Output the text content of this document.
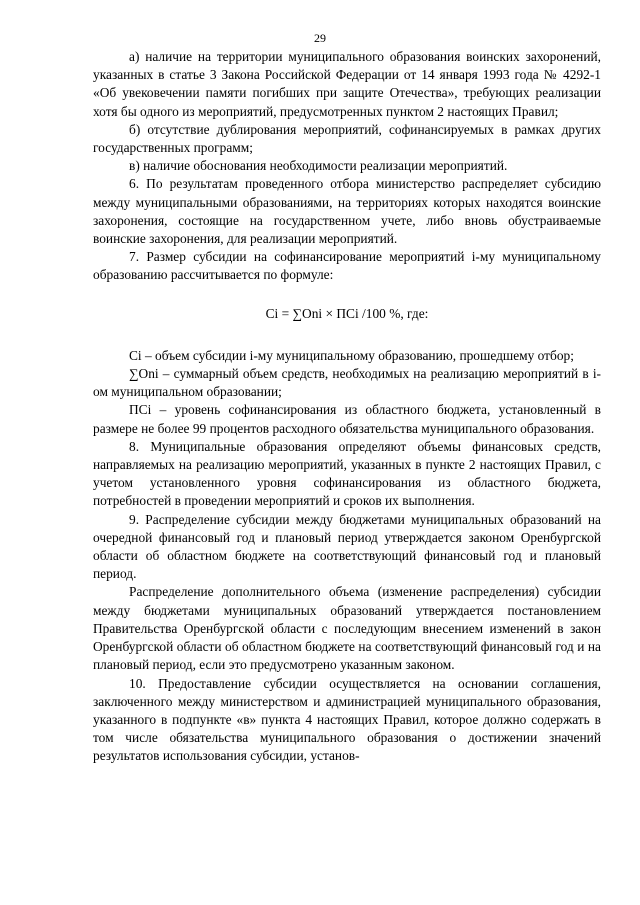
29

а) наличие на территории муниципального образования воинских захоронений, указанных в статье 3 Закона Российской Федерации от 14 января 1993 года № 4292-1 «Об увековечении памяти погибших при защите Отечества», требующих реализации хотя бы одного из мероприятий, предусмотренных пунктом 2 настоящих Правил;

б) отсутствие дублирования мероприятий, софинансируемых в рамках других государственных программ;

в) наличие обоснования необходимости реализации мероприятий.

6. По результатам проведенного отбора министерство распределяет субсидию между муниципальными образованиями, на территориях которых находятся воинские захоронения, состоящие на государственном учете, либо вновь обустраиваемые воинские захоронения, для реализации мероприятий.

7. Размер субсидии на софинансирование мероприятий i-му муниципальному образованию рассчитывается по формуле:

Ci = ∑Oni × ПCi /100 %, где:

Ci – объем субсидии i-му муниципальному образованию, прошедшему отбор;

∑Oni – суммарный объем средств, необходимых на реализацию мероприятий в i-ом муниципальном образовании;

ПCi – уровень софинансирования из областного бюджета, установленный в размере не более 99 процентов расходного обязательства муниципального образования.

8. Муниципальные образования определяют объемы финансовых средств, направляемых на реализацию мероприятий, указанных в пункте 2 настоящих Правил, с учетом установленного уровня софинансирования из областного бюджета, потребностей в проведении мероприятий и сроков их выполнения.

9. Распределение субсидии между бюджетами муниципальных образований на очередной финансовый год и плановый период утверждается законом Оренбургской области об областном бюджете на соответствующий финансовый год и плановый период.

Распределение дополнительного объема (изменение распределения) субсидии между бюджетами муниципальных образований утверждается постановлением Правительства Оренбургской области с последующим внесением изменений в закон Оренбургской области об областном бюджете на соответствующий финансовый год и на плановый период, если это предусмотрено указанным законом.

10. Предоставление субсидии осуществляется на основании соглашения, заключенного между министерством и администрацией муниципального образования, указанного в подпункте «в» пункта 4 настоящих Правил, которое должно содержать в том числе обязательства муниципального образования о достижении значений результатов использования субсидии, установ-
